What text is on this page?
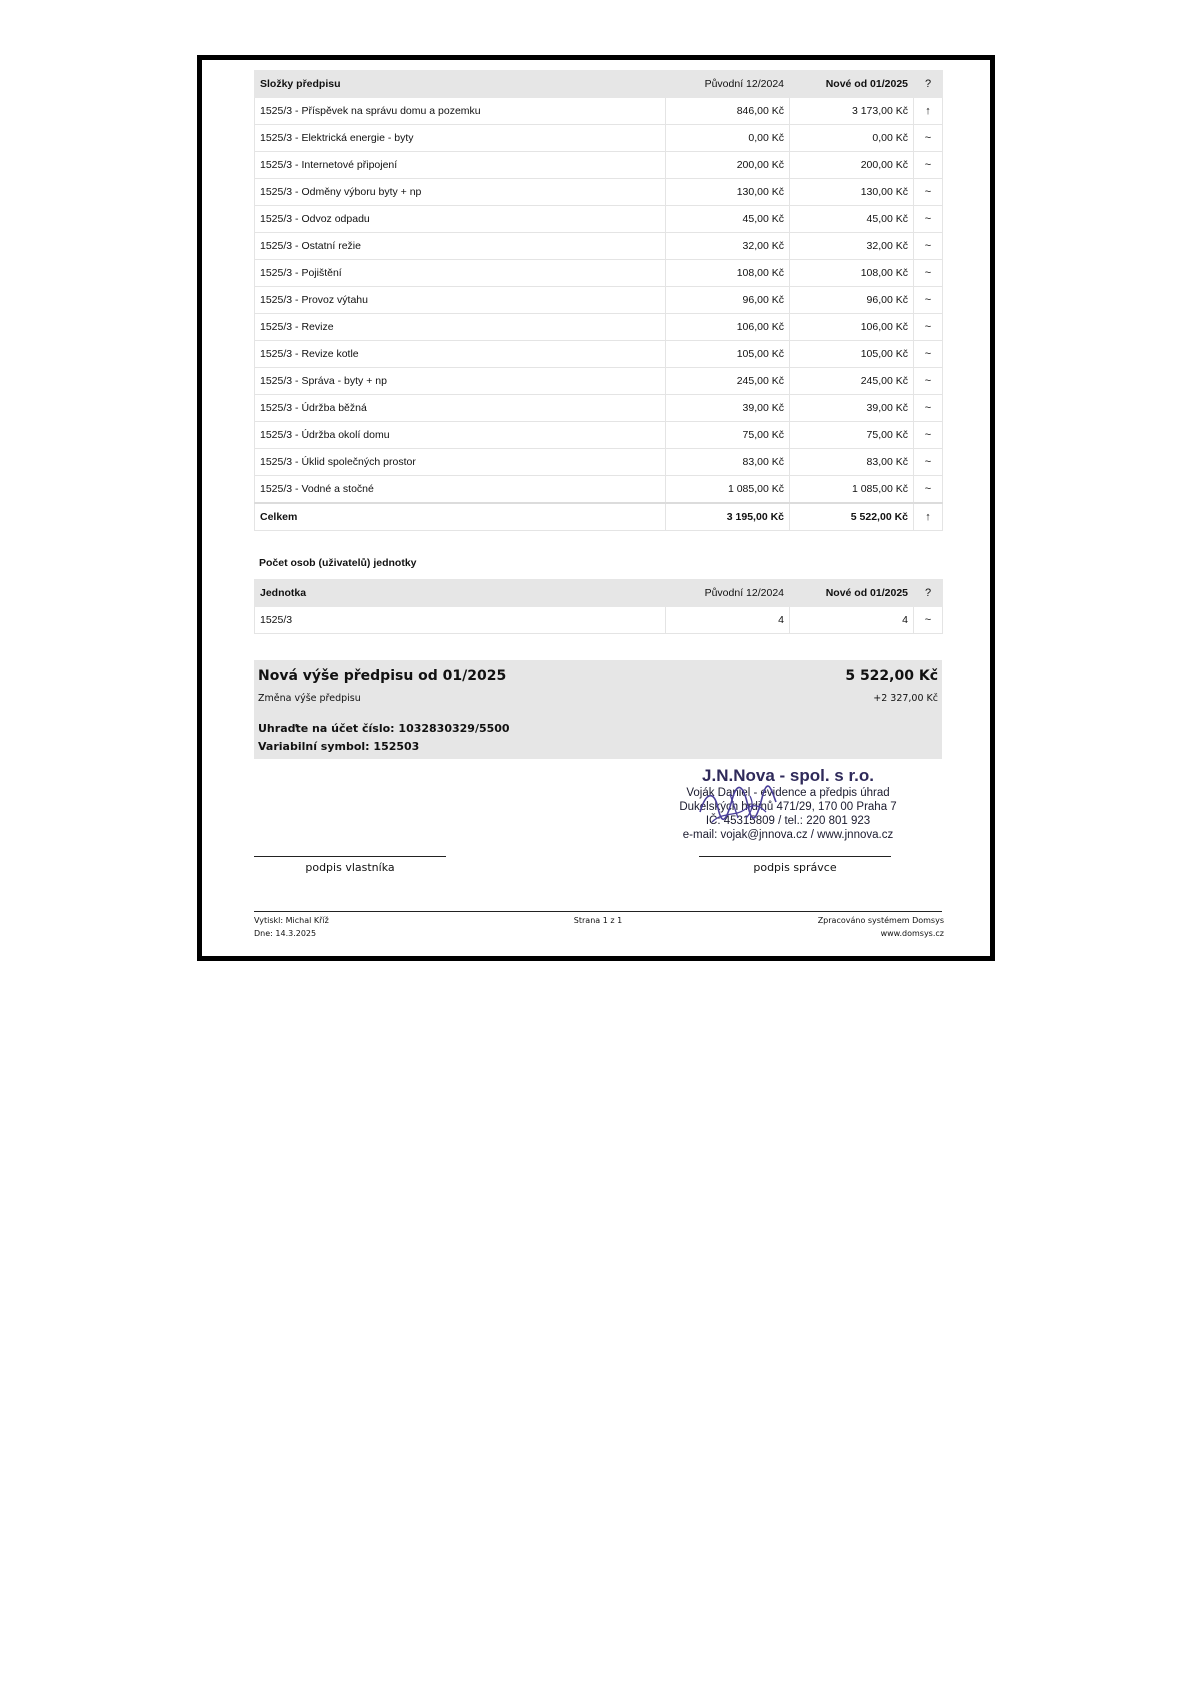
Složky předpisu	Původní 12/2024	Nové od 01/2025	?
1525/3 - Příspěvek na správu domu a pozemku	846,00 Kč	3 173,00 Kč	↑
1525/3 - Elektrická energie - byty	0,00 Kč	0,00 Kč	~
1525/3 - Internetové připojení	200,00 Kč	200,00 Kč	~
1525/3 - Odměny výboru byty + np	130,00 Kč	130,00 Kč	~
1525/3 - Odvoz odpadu	45,00 Kč	45,00 Kč	~
1525/3 - Ostatní režie	32,00 Kč	32,00 Kč	~
1525/3 - Pojištění	108,00 Kč	108,00 Kč	~
1525/3 - Provoz výtahu	96,00 Kč	96,00 Kč	~
1525/3 - Revize	106,00 Kč	106,00 Kč	~
1525/3 - Revize kotle	105,00 Kč	105,00 Kč	~
1525/3 - Správa - byty + np	245,00 Kč	245,00 Kč	~
1525/3 - Údržba běžná	39,00 Kč	39,00 Kč	~
1525/3 - Údržba okolí domu	75,00 Kč	75,00 Kč	~
1525/3 - Úklid společných prostor	83,00 Kč	83,00 Kč	~
1525/3 - Vodné a stočné	1 085,00 Kč	1 085,00 Kč	~
Celkem	3 195,00 Kč	5 522,00 Kč	↑
Počet osob (uživatelů) jednotky
Jednotka	Původní 12/2024	Nové od 01/2025	?
1525/3	4	4	~
Nová výše předpisu od 01/2025	5 522,00 Kč
Změna výše předpisu	+2 327,00 Kč
Uhraďte na účet číslo: 1032830329/5500
Variabilní symbol: 152503
J.N.Nova - spol. s r.o.
Voják Daniel - evidence a předpis úhrad
Dukelských hrdinů 471/29, 170 00 Praha 7
IČ: 45315809 / tel.: 220 801 923
e-mail: vojak@jnnova.cz / www.jnnova.cz
podpis vlastníka	podpis správce
Vytiskl: Michal Kříž
Dne: 14.3.2025
Strana 1 z 1	Zpracováno systémem Domsys
www.domsys.cz
